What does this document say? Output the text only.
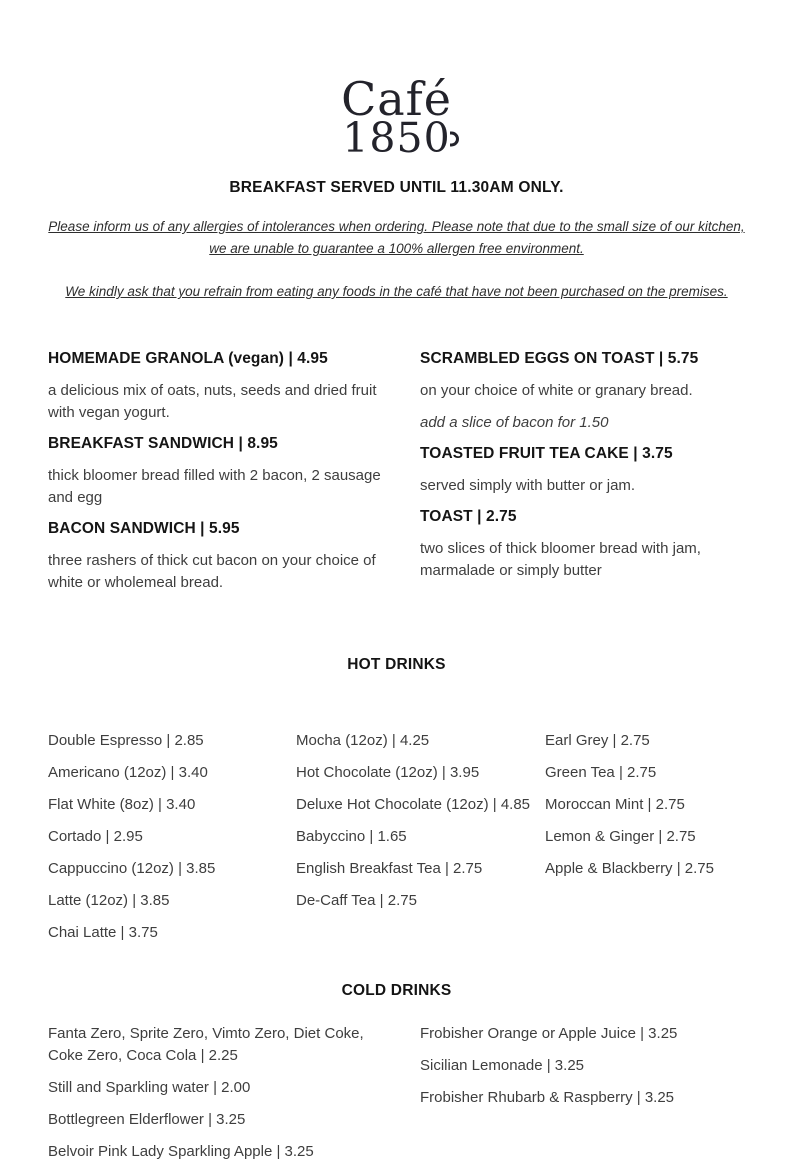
Café
1850
BREAKFAST SERVED UNTIL 11.30AM ONLY.
Please inform us of any allergies of intolerances when ordering. Please note that due to the small size of our kitchen, we are unable to guarantee a 100% allergen free environment.
We kindly ask that you refrain from eating any foods in the café that have not been purchased on the premises.
HOMEMADE GRANOLA (vegan) | 4.95
a delicious mix of oats, nuts, seeds and dried fruit with vegan yogurt.
BREAKFAST SANDWICH | 8.95
thick bloomer bread filled with 2 bacon, 2 sausage and egg
BACON SANDWICH | 5.95
three rashers of thick cut bacon on your choice of white or wholemeal bread.
SCRAMBLED EGGS ON TOAST | 5.75
on your choice of white or granary bread.
add a slice of bacon for 1.50
TOASTED FRUIT TEA CAKE | 3.75
served simply with butter or jam.
TOAST | 2.75
two slices of thick bloomer bread with jam, marmalade or simply butter
HOT DRINKS
Double Espresso | 2.85
Americano (12oz) | 3.40
Flat White (8oz) | 3.40
Cortado | 2.95
Cappuccino (12oz) | 3.85
Latte (12oz) | 3.85
Chai Latte | 3.75
Mocha (12oz) | 4.25
Hot Chocolate (12oz) | 3.95
Deluxe Hot Chocolate (12oz) | 4.85
Babyccino | 1.65
English Breakfast Tea | 2.75
De-Caff Tea | 2.75
Earl Grey | 2.75
Green Tea | 2.75
Moroccan Mint | 2.75
Lemon & Ginger | 2.75
Apple & Blackberry | 2.75
COLD DRINKS
Fanta Zero, Sprite Zero, Vimto Zero, Diet Coke, Coke Zero, Coca Cola | 2.25
Still and Sparkling water | 2.00
Bottlegreen Elderflower | 3.25
Belvoir Pink Lady Sparkling Apple | 3.25
Frobisher Orange or Apple Juice | 3.25
Sicilian Lemonade | 3.25
Frobisher Rhubarb & Raspberry | 3.25
